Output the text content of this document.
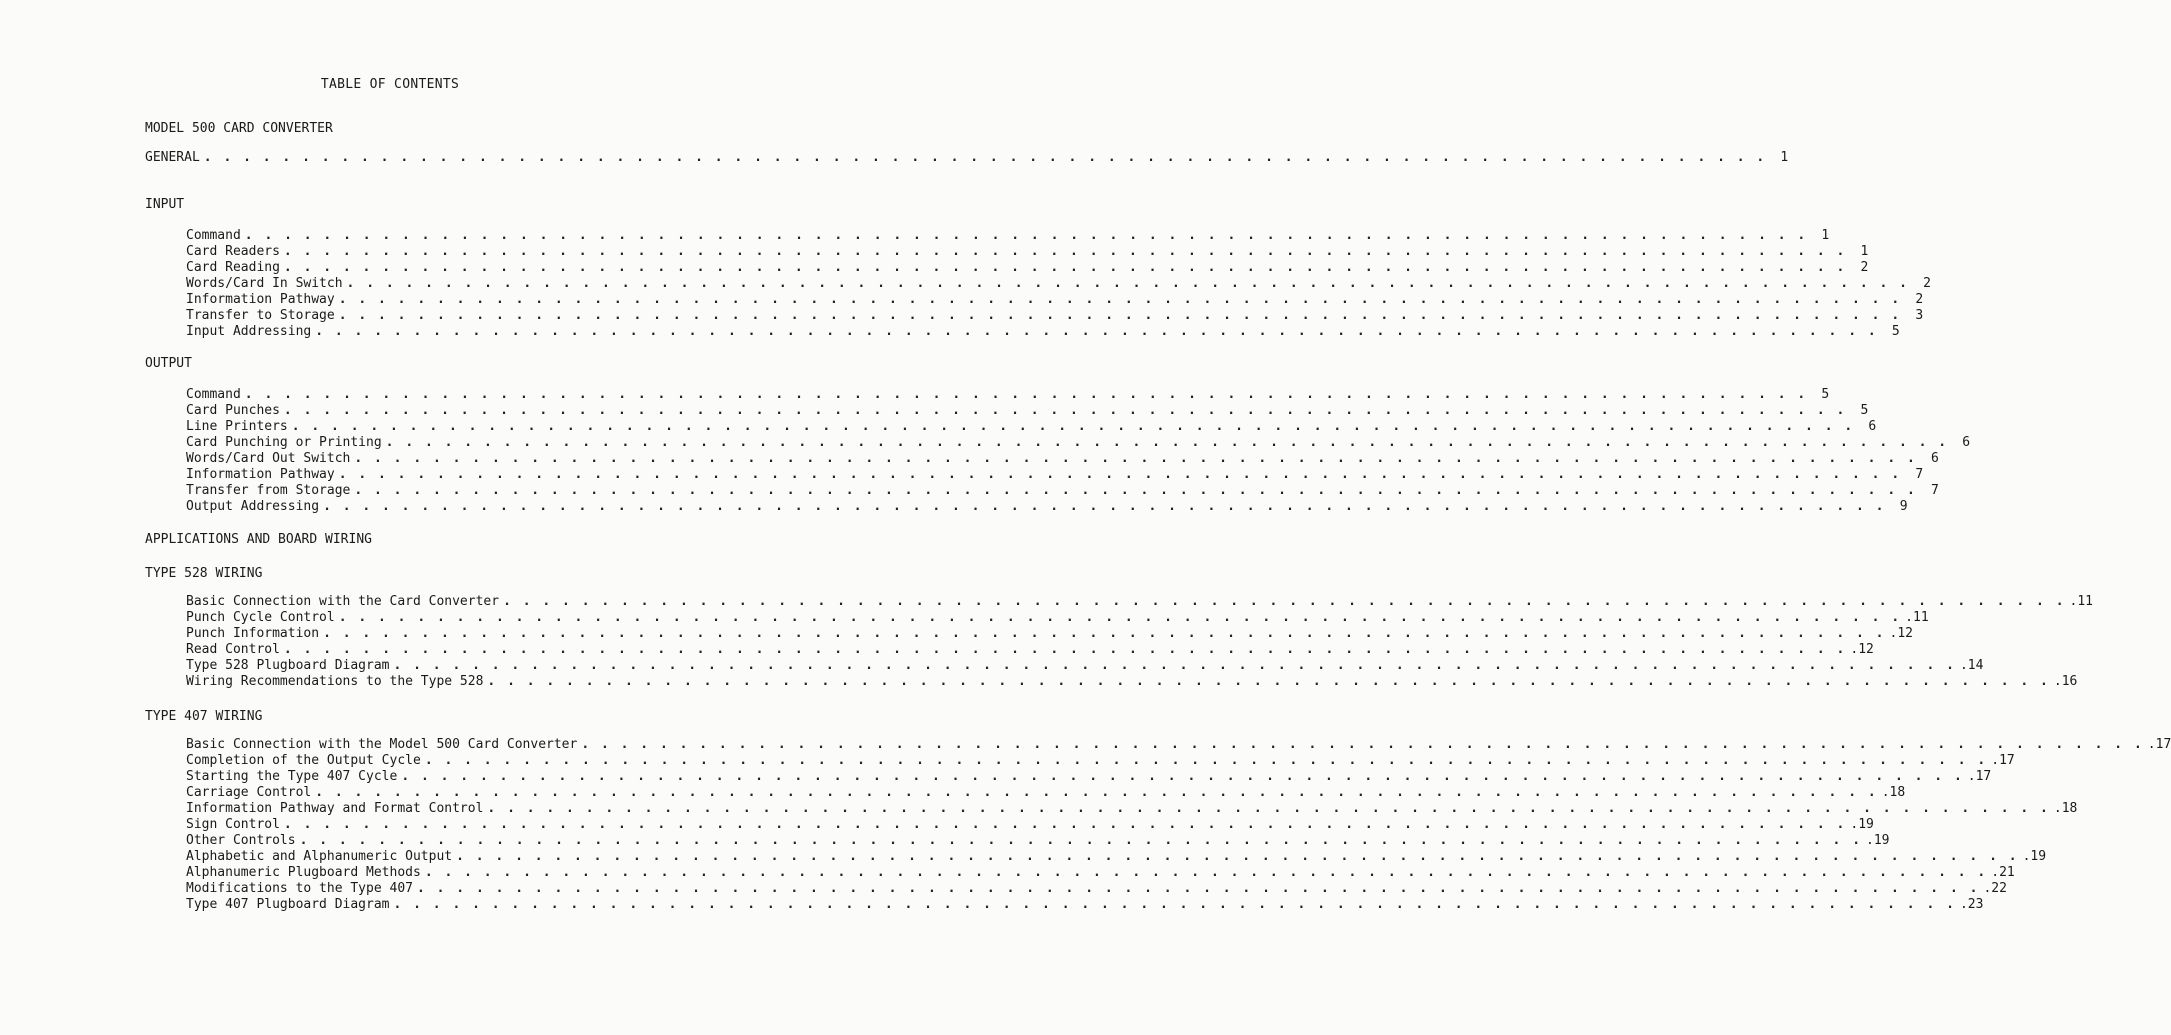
TABLE OF CONTENTS
MODEL 500 CARD CONVERTER
GENERAL . . . . . . . . . . . . . . . . . . . . . . . . . . . . . . . . . . . . . . . . . . . . . . . . . . . . . . . . . . . . . . . . . . . . . . . . . . . . . . . .	1
INPUT
Command . . . . . . . . . . . . . . . . . . . . . . . . . . . . . . . . . . . . . . . . . . . . . . . . . . . . . . . . . . . . . . . . . . . . . . . . . . . . . . . .	1
Card Readers . . . . . . . . . . . . . . . . . . . . . . . . . . . . . . . . . . . . . . . . . . . . . . . . . . . . . . . . . . . . . . . . . . . . . . . . . . . . . . . .	1
Card Reading . . . . . . . . . . . . . . . . . . . . . . . . . . . . . . . . . . . . . . . . . . . . . . . . . . . . . . . . . . . . . . . . . . . . . . . . . . . . . . . .	2
Words/Card In Switch . . . . . . . . . . . . . . . . . . . . . . . . . . . . . . . . . . . . . . . . . . . . . . . . . . . . . . . . . . . . . . . . . . . . . . . . . . . . . . . .	2
Information Pathway . . . . . . . . . . . . . . . . . . . . . . . . . . . . . . . . . . . . . . . . . . . . . . . . . . . . . . . . . . . . . . . . . . . . . . . . . . . . . . . .	2
Transfer to Storage . . . . . . . . . . . . . . . . . . . . . . . . . . . . . . . . . . . . . . . . . . . . . . . . . . . . . . . . . . . . . . . . . . . . . . . . . . . . . . . .	3
Input Addressing . . . . . . . . . . . . . . . . . . . . . . . . . . . . . . . . . . . . . . . . . . . . . . . . . . . . . . . . . . . . . . . . . . . . . . . . . . . . . . . .	5
OUTPUT
Command . . . . . . . . . . . . . . . . . . . . . . . . . . . . . . . . . . . . . . . . . . . . . . . . . . . . . . . . . . . . . . . . . . . . . . . . . . . . . . . .	5
Card Punches . . . . . . . . . . . . . . . . . . . . . . . . . . . . . . . . . . . . . . . . . . . . . . . . . . . . . . . . . . . . . . . . . . . . . . . . . . . . . . . .	5
Line Printers . . . . . . . . . . . . . . . . . . . . . . . . . . . . . . . . . . . . . . . . . . . . . . . . . . . . . . . . . . . . . . . . . . . . . . . . . . . . . . . .	6
Card Punching or Printing . . . . . . . . . . . . . . . . . . . . . . . . . . . . . . . . . . . . . . . . . . . . . . . . . . . . . . . . . . . . . . . . . . . . . . . . . . . . . . . .	6
Words/Card Out Switch . . . . . . . . . . . . . . . . . . . . . . . . . . . . . . . . . . . . . . . . . . . . . . . . . . . . . . . . . . . . . . . . . . . . . . . . . . . . . . . .	6
Information Pathway . . . . . . . . . . . . . . . . . . . . . . . . . . . . . . . . . . . . . . . . . . . . . . . . . . . . . . . . . . . . . . . . . . . . . . . . . . . . . . . .	7
Transfer from Storage . . . . . . . . . . . . . . . . . . . . . . . . . . . . . . . . . . . . . . . . . . . . . . . . . . . . . . . . . . . . . . . . . . . . . . . . . . . . . . . .	7
Output Addressing . . . . . . . . . . . . . . . . . . . . . . . . . . . . . . . . . . . . . . . . . . . . . . . . . . . . . . . . . . . . . . . . . . . . . . . . . . . . . . . .	9
APPLICATIONS AND BOARD WIRING
TYPE 528 WIRING
Basic Connection with the Card Converter . . . . . . . . . . . . . . . . . . . . . . . . . . . . . . . . . . . . . . . . . . . . . . . . . . . . . . . . . . . . . . . . . . . . . . . . . . . . . . . . .11
Punch Cycle Control . . . . . . . . . . . . . . . . . . . . . . . . . . . . . . . . . . . . . . . . . . . . . . . . . . . . . . . . . . . . . . . . . . . . . . . . . . . . . . . . .11
Punch Information . . . . . . . . . . . . . . . . . . . . . . . . . . . . . . . . . . . . . . . . . . . . . . . . . . . . . . . . . . . . . . . . . . . . . . . . . . . . . . . . .12
Read Control . . . . . . . . . . . . . . . . . . . . . . . . . . . . . . . . . . . . . . . . . . . . . . . . . . . . . . . . . . . . . . . . . . . . . . . . . . . . . . . . .12
Type 528 Plugboard Diagram . . . . . . . . . . . . . . . . . . . . . . . . . . . . . . . . . . . . . . . . . . . . . . . . . . . . . . . . . . . . . . . . . . . . . . . . . . . . . . . . .14
Wiring Recommendations to the Type 528 . . . . . . . . . . . . . . . . . . . . . . . . . . . . . . . . . . . . . . . . . . . . . . . . . . . . . . . . . . . . . . . . . . . . . . . . . . . . . . . . .16
TYPE 407 WIRING
Basic Connection with the Model 500 Card Converter . . . . . . . . . . . . . . . . . . . . . . . . . . . . . . . . . . . . . . . . . . . . . . . . . . . . . . . . . . . . . . . . . . . . . . . . . . . . . . . . .17
Completion of the Output Cycle . . . . . . . . . . . . . . . . . . . . . . . . . . . . . . . . . . . . . . . . . . . . . . . . . . . . . . . . . . . . . . . . . . . . . . . . . . . . . . . . .17
Starting the Type 407 Cycle . . . . . . . . . . . . . . . . . . . . . . . . . . . . . . . . . . . . . . . . . . . . . . . . . . . . . . . . . . . . . . . . . . . . . . . . . . . . . . . . .17
Carriage Control . . . . . . . . . . . . . . . . . . . . . . . . . . . . . . . . . . . . . . . . . . . . . . . . . . . . . . . . . . . . . . . . . . . . . . . . . . . . . . . . .18
Information Pathway and Format Control . . . . . . . . . . . . . . . . . . . . . . . . . . . . . . . . . . . . . . . . . . . . . . . . . . . . . . . . . . . . . . . . . . . . . . . . . . . . . . . . .18
Sign Control . . . . . . . . . . . . . . . . . . . . . . . . . . . . . . . . . . . . . . . . . . . . . . . . . . . . . . . . . . . . . . . . . . . . . . . . . . . . . . . . .19
Other Controls . . . . . . . . . . . . . . . . . . . . . . . . . . . . . . . . . . . . . . . . . . . . . . . . . . . . . . . . . . . . . . . . . . . . . . . . . . . . . . . . .19
Alphabetic and Alphanumeric Output . . . . . . . . . . . . . . . . . . . . . . . . . . . . . . . . . . . . . . . . . . . . . . . . . . . . . . . . . . . . . . . . . . . . . . . . . . . . . . . . .19
Alphanumeric Plugboard Methods . . . . . . . . . . . . . . . . . . . . . . . . . . . . . . . . . . . . . . . . . . . . . . . . . . . . . . . . . . . . . . . . . . . . . . . . . . . . . . . . .21
Modifications to the Type 407 . . . . . . . . . . . . . . . . . . . . . . . . . . . . . . . . . . . . . . . . . . . . . . . . . . . . . . . . . . . . . . . . . . . . . . . . . . . . . . . . .22
Type 407 Plugboard Diagram . . . . . . . . . . . . . . . . . . . . . . . . . . . . . . . . . . . . . . . . . . . . . . . . . . . . . . . . . . . . . . . . . . . . . . . . . . . . . . . . .23
